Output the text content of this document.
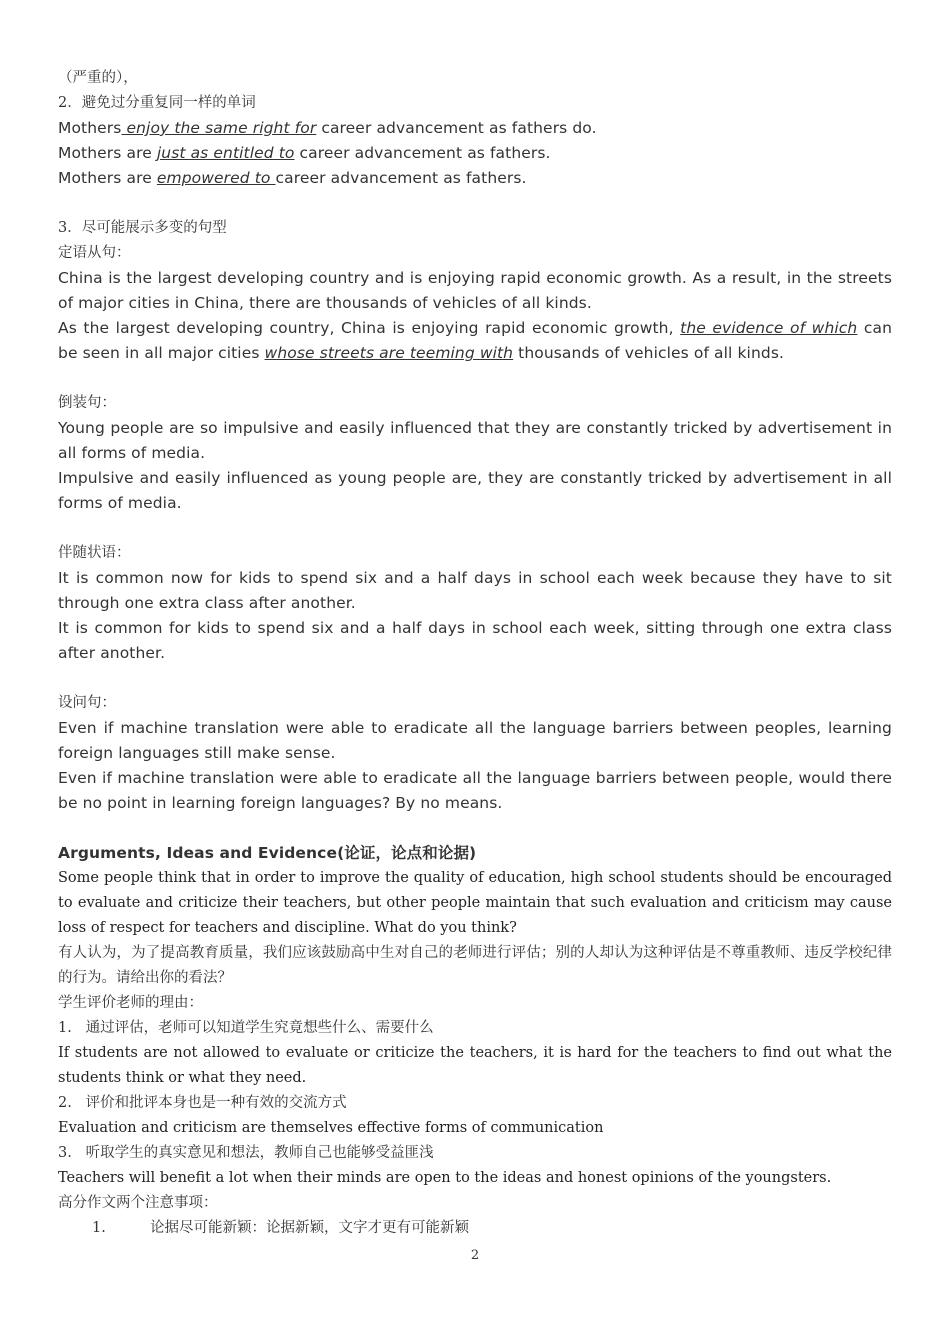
（严重的），
2．避免过分重复同一样的单词
Mothers enjoy the same right for career advancement as fathers do.
Mothers are just as entitled to career advancement as fathers.
Mothers are empowered to career advancement as fathers.
3．尽可能展示多变的句型
定语从句：
China is the largest developing country and is enjoying rapid economic growth. As a result, in the streets of major cities in China, there are thousands of vehicles of all kinds.
As the largest developing country, China is enjoying rapid economic growth, the evidence of which can be seen in all major cities whose streets are teeming with thousands of vehicles of all kinds.
倒装句：
Young people are so impulsive and easily influenced that they are constantly tricked by advertisement in all forms of media.
Impulsive and easily influenced as young people are, they are constantly tricked by advertisement in all forms of media.
伴随状语：
It is common now for kids to spend six and a half days in school each week because they have to sit through one extra class after another.
It is common for kids to spend six and a half days in school each week, sitting through one extra class after another.
设问句：
Even if machine translation were able to eradicate all the language barriers between peoples, learning foreign languages still make sense.
Even if machine translation were able to eradicate all the language barriers between people, would there be no point in learning foreign languages? By no means.
Arguments, Ideas and Evidence(论证，论点和论据)
Some people think that in order to improve the quality of education, high school students should be encouraged to evaluate and criticize their teachers, but other people maintain that such evaluation and criticism may cause loss of respect for teachers and discipline. What do you think?
有人认为，为了提高教育质量，我们应该鼓励高中生对自己的老师进行评估；别的人却认为这种评估是不尊重教师、违反学校纪律的行为。请给出你的看法？
学生评价老师的理由：
1. 通过评估，老师可以知道学生究竟想些什么、需要什么
If students are not allowed to evaluate or criticize the teachers, it is hard for the teachers to find out what the students think or what they need.
2. 评价和批评本身也是一种有效的交流方式
Evaluation and criticism are themselves effective forms of communication
3. 听取学生的真实意见和想法，教师自己也能够受益匪浅
Teachers will benefit a lot when their minds are open to the ideas and honest opinions of the youngsters.
高分作文两个注意事项：
1.	论据尽可能新颖：论据新颖，文字才更有可能新颖
2
